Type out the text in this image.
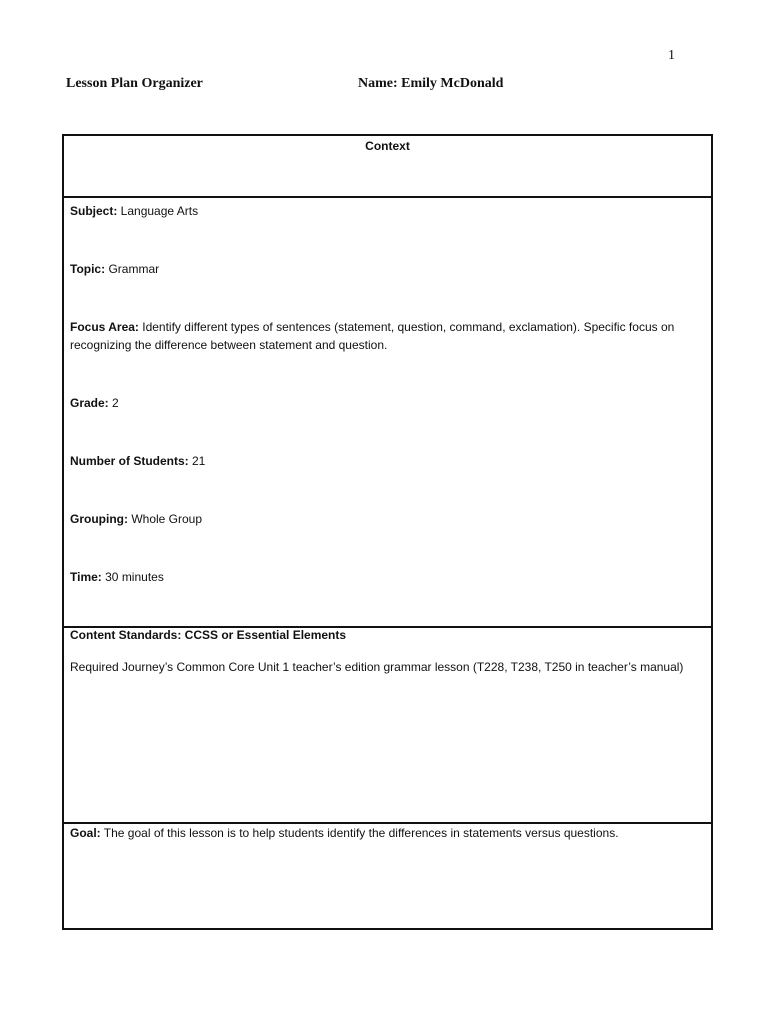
1
Lesson Plan Organizer	Name: Emily McDonald
Context
Subject: Language Arts
Topic: Grammar
Focus Area: Identify different types of sentences (statement, question, command, exclamation). Specific focus on recognizing the difference between statement and question.
Grade: 2
Number of Students: 21
Grouping: Whole Group
Time: 30 minutes
Content Standards: CCSS or Essential Elements
Required Journey’s Common Core Unit 1 teacher’s edition grammar lesson (T228, T238, T250 in teacher’s manual)
Goal: The goal of this lesson is to help students identify the differences in statements versus questions.
